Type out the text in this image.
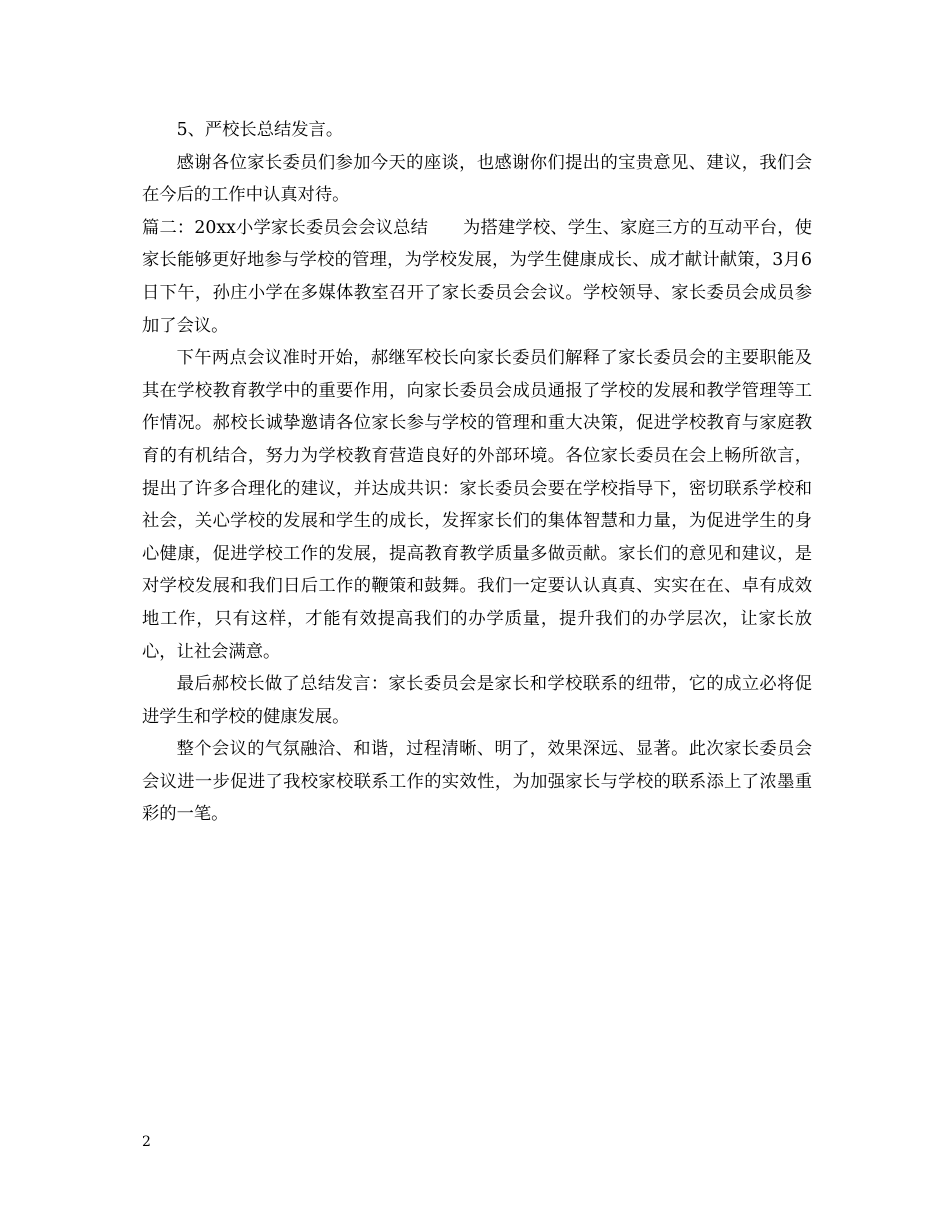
5、严校长总结发言。

感谢各位家长委员们参加今天的座谈，也感谢你们提出的宝贵意见、建议，我们会在今后的工作中认真对待。

篇二：20xx小学家长委员会会议总结　　为搭建学校、学生、家庭三方的互动平台，使家长能够更好地参与学校的管理，为学校发展，为学生健康成长、成才献计献策，3月6日下午，孙庄小学在多媒体教室召开了家长委员会会议。学校领导、家长委员会成员参加了会议。

下午两点会议准时开始，郝继军校长向家长委员们解释了家长委员会的主要职能及其在学校教育教学中的重要作用，向家长委员会成员通报了学校的发展和教学管理等工作情况。郝校长诚挚邀请各位家长参与学校的管理和重大决策，促进学校教育与家庭教育的有机结合，努力为学校教育营造良好的外部环境。各位家长委员在会上畅所欲言，提出了许多合理化的建议，并达成共识：家长委员会要在学校指导下，密切联系学校和社会，关心学校的发展和学生的成长，发挥家长们的集体智慧和力量，为促进学生的身心健康，促进学校工作的发展，提高教育教学质量多做贡献。家长们的意见和建议，是对学校发展和我们日后工作的鞭策和鼓舞。我们一定要认认真真、实实在在、卓有成效地工作，只有这样，才能有效提高我们的办学质量，提升我们的办学层次，让家长放心，让社会满意。

最后郝校长做了总结发言：家长委员会是家长和学校联系的纽带，它的成立必将促进学生和学校的健康发展。

整个会议的气氛融洽、和谐，过程清晰、明了，效果深远、显著。此次家长委员会会议进一步促进了我校家校联系工作的实效性，为加强家长与学校的联系添上了浓墨重彩的一笔。

2
